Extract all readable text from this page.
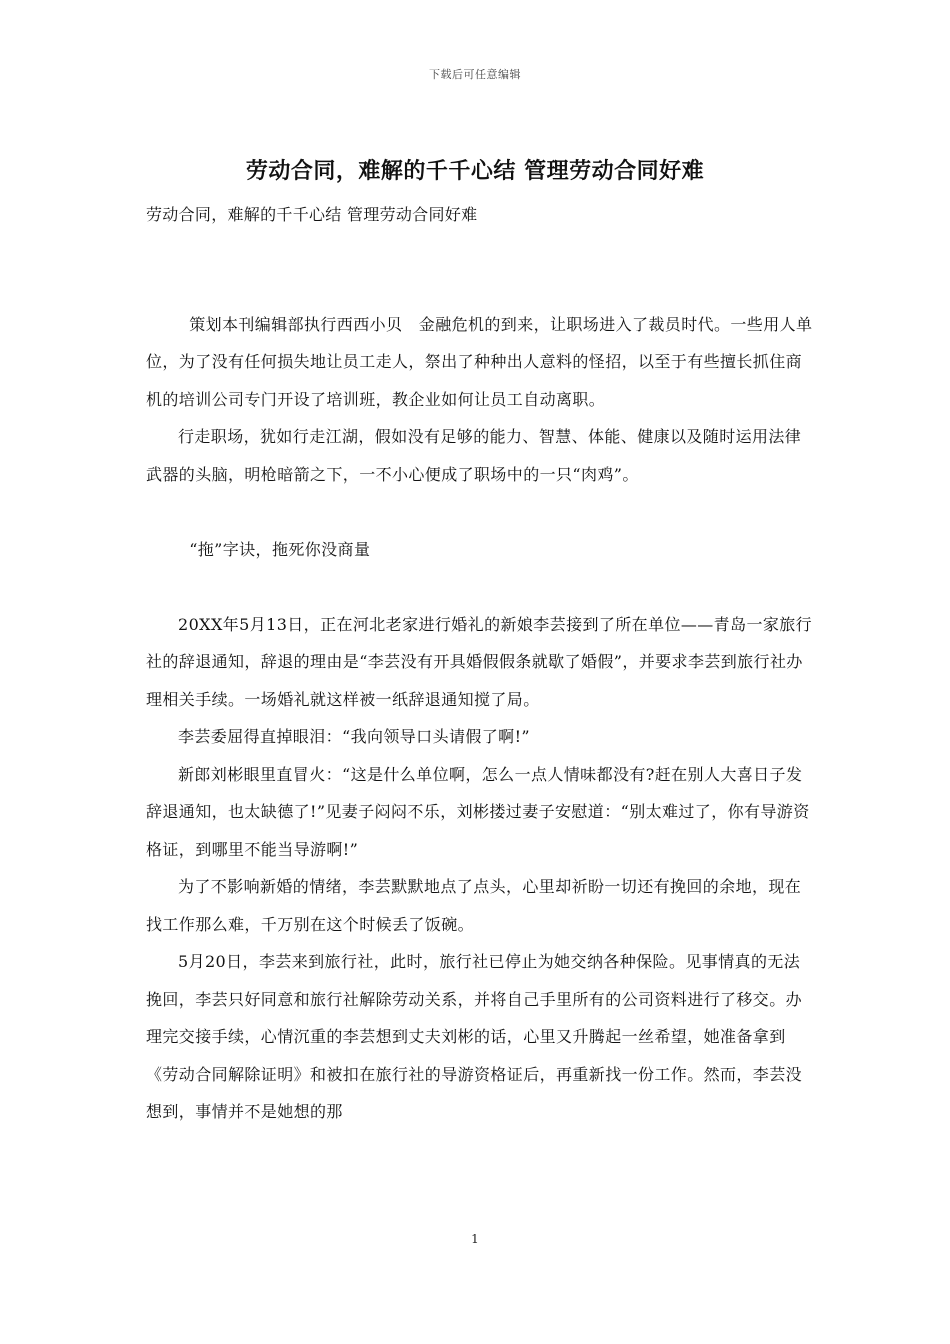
下载后可任意编辑
劳动合同，难解的千千心结 管理劳动合同好难
劳动合同，难解的千千心结 管理劳动合同好难

策划本刊编辑部执行西西小贝　金融危机的到来，让职场进入了裁员时代。一些用人单位，为了没有任何损失地让员工走人，祭出了种种出人意料的怪招，以至于有些擅长抓住商机的培训公司专门开设了培训班，教企业如何让员工自动离职。

行走职场，犹如行走江湖，假如没有足够的能力、智慧、体能、健康以及随时运用法律武器的头脑，明枪暗箭之下，一不小心便成了职场中的一只“肉鸡”。

“拖”字诀，拖死你没商量

20XX年5月13日，正在河北老家进行婚礼的新娘李芸接到了所在单位——青岛一家旅行社的辞退通知，辞退的理由是“李芸没有开具婚假假条就歇了婚假”，并要求李芸到旅行社办理相关手续。一场婚礼就这样被一纸辞退通知搅了局。

李芸委屈得直掉眼泪：“我向领导口头请假了啊!”

新郎刘彬眼里直冒火：“这是什么单位啊，怎么一点人情味都没有?赶在别人大喜日子发辞退通知，也太缺德了!”见妻子闷闷不乐，刘彬搂过妻子安慰道：“别太难过了，你有导游资格证，到哪里不能当导游啊!”

为了不影响新婚的情绪，李芸默默地点了点头，心里却祈盼一切还有挽回的余地，现在找工作那么难，千万别在这个时候丢了饭碗。

5月20日，李芸来到旅行社，此时，旅行社已停止为她交纳各种保险。见事情真的无法挽回，李芸只好同意和旅行社解除劳动关系，并将自己手里所有的公司资料进行了移交。办理完交接手续，心情沉重的李芸想到丈夫刘彬的话，心里又升腾起一丝希望，她准备拿到《劳动合同解除证明》和被扣在旅行社的导游资格证后，再重新找一份工作。然而，李芸没想到，事情并不是她想的那

1
